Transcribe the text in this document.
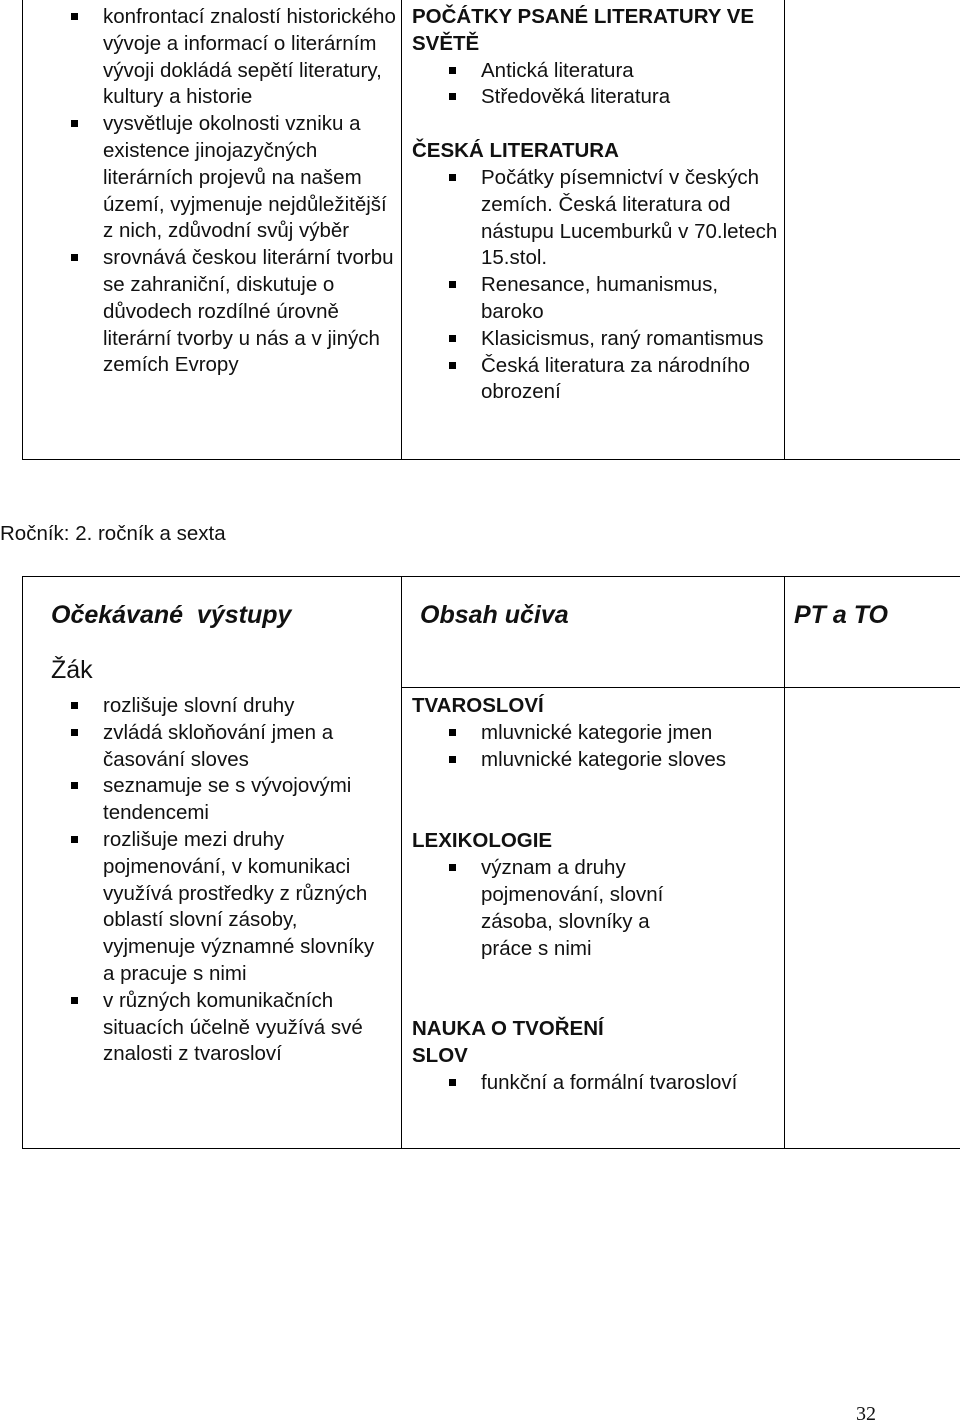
konfrontací znalostí historického vývoje a informací o literárním vývoji dokládá sepětí literatury, kultury a historie
vysvětluje okolnosti vzniku a existence jinojazyčných literárních projevů na našem území, vyjmenuje nejdůležitější z nich, zdůvodní svůj výběr
srovnává českou literární tvorbu se zahraniční, diskutuje o důvodech rozdílné úrovně literární tvorby u nás a v jiných zemích Evropy
POČÁTKY PSANÉ LITERATURY VE SVĚTĚ
Antická literatura
Středověká literatura
ČESKÁ LITERATURA
Počátky písemnictví v českých zemích. Česká literatura od nástupu Lucemburků v 70.letech 15.stol.
Renesance, humanismus, baroko
Klasicismus, raný romantismus
Česká literatura za národního obrození
Ročník: 2. ročník a sexta
Očekávané  výstupy	Obsah učiva	PT a TO
Žák
rozlišuje slovní druhy
zvládá skloňování jmen a časování sloves
seznamuje se s vývojovými tendencemi
rozlišuje mezi druhy pojmenování, v komunikaci využívá prostředky z různých oblastí slovní zásoby, vyjmenuje významné slovníky a pracuje s nimi
v různých komunikačních situacích účelně využívá své znalosti z tvarosloví
TVAROSLOVÍ
mluvnické kategorie jmen
mluvnické kategorie sloves
LEXIKOLOGIE
význam a druhy pojmenování, slovní zásoba, slovníky a práce s nimi
NAUKA O TVOŘENÍ SLOV
funkční a formální tvarosloví
32
